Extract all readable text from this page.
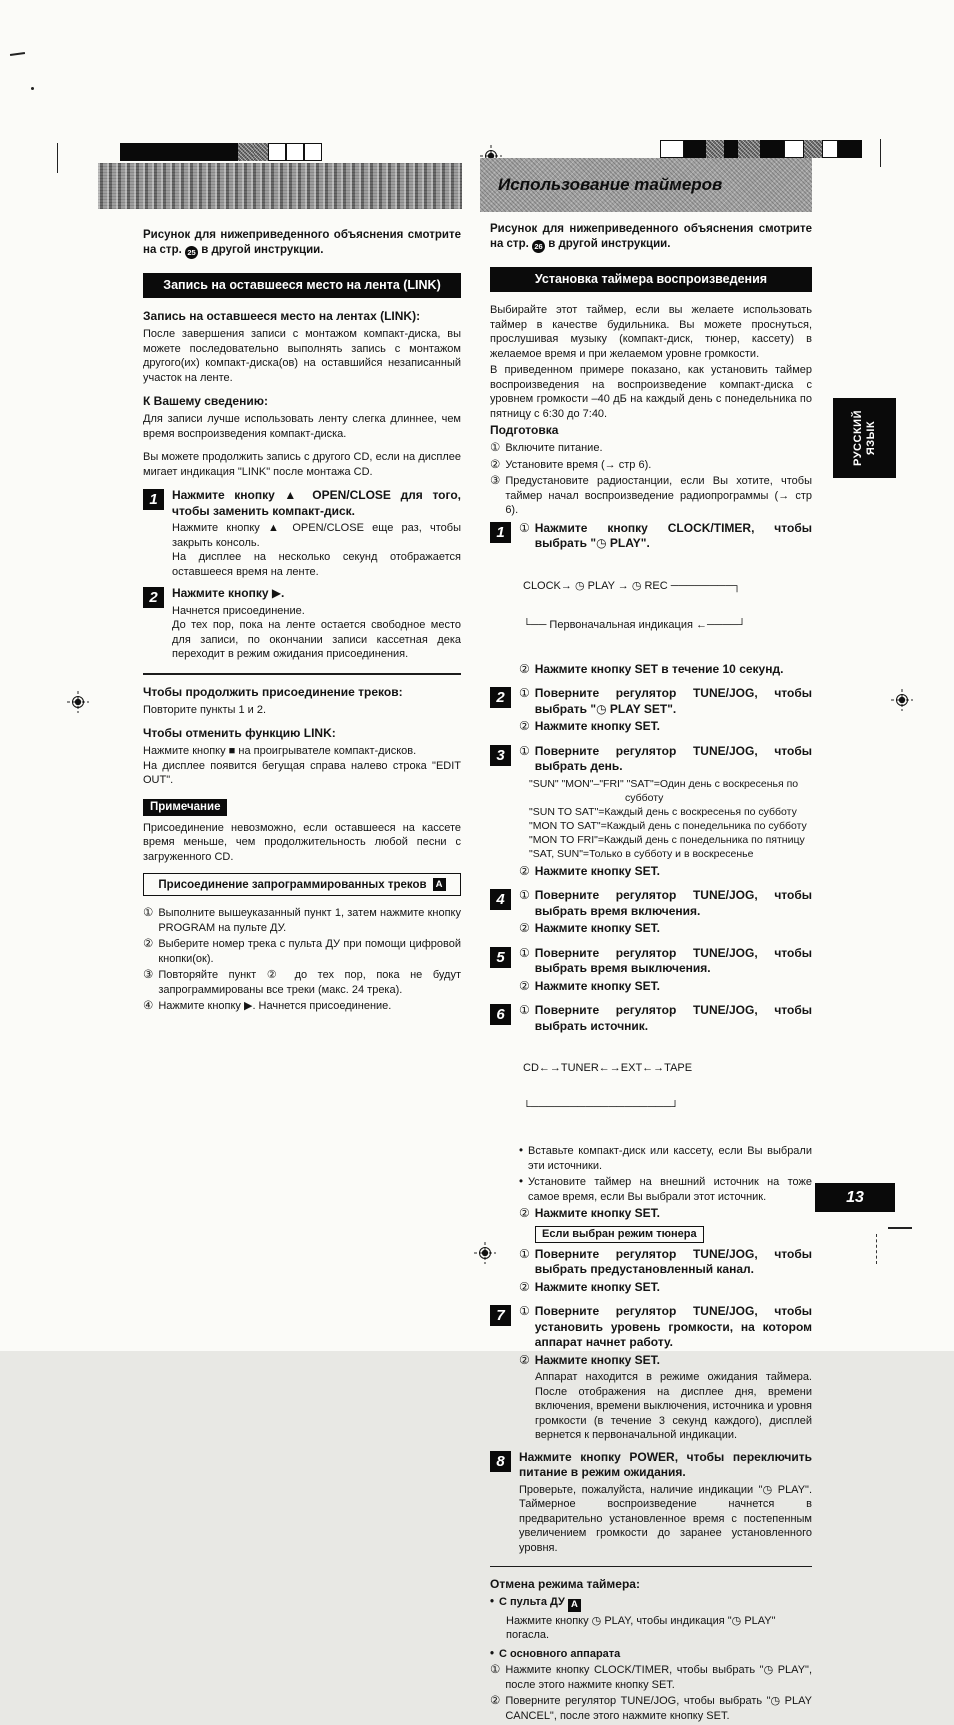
Использование таймеров

Рисунок для нижеприведенного объяснения смотрите на стр. 25 в другой инструкции.

Запись на оставшееся место на лента (LINK)

Запись на оставшееся место на лентах (LINK):

После завершения записи с монтажом компакт-диска, вы можете последовательно выполнять запись с монтажом другого(их) компакт-диска(ов) на оставшийся незаписанный участок на ленте.

К Вашему сведению:

Для записи лучше использовать ленту слегка длиннее, чем время воспроизведения компакт-диска.

Вы можете продолжить запись с другого CD, если на дисплее мигает индикация "LINK" после монтажа CD.

1	Нажмите кнопку ▲ OPEN/CLOSE для того, чтобы заменить компакт-диск.

Нажмите кнопку ▲ OPEN/CLOSE еще раз, чтобы закрыть консоль.

На дисплее на несколько секунд отображается оставшееся время на ленте.

2	Нажмите кнопку ▶.

Начнется присоединение.

До тех пор, пока на ленте остается свободное место для записи, по окончании записи кассетная дека переходит в режим ожидания присоединения.

Чтобы продолжить присоединение треков:

Повторите пункты 1 и 2.

Чтобы отменить функцию LINK:

Нажмите кнопку ■ на проигрывателе компакт-дисков.

На дисплее появится бегущая справа налево строка "EDIT OUT".

Примечание

Присоединение невозможно, если оставшееся на кассете время меньше, чем продолжительность любой песни с загруженного CD.

Присоединение запрограммированных треков A
① Выполните вышеуказанный пункт 1, затем нажмите кнопку PROGRAM на пульте ДУ.
② Выберите номер трека с пульта ДУ при помощи цифровой кнопки(ок).
③ Повторяйте пункт ② до тех пор, пока не будут запрограммированы все треки (макс. 24 трека).
④ Нажмите кнопку ▶. Начнется присоединение.

Рисунок для нижеприведенного объяснения смотрите на стр. 26 в другой инструкции.

Установка таймера воспроизведения

Выбирайте этот таймер, если вы желаете использовать таймер в качестве будильника. Вы можете проснуться, прослушивая музыку (компакт-диск, тюнер, кассету) в желаемое время и при желаемом уровне громкости.

В приведенном примере показано, как установить таймер воспроизведения на воспроизведение компакт-диска с уровнем громкости –40 дБ на каждый день с понедельника по пятницу с 6:30 до 7:40.

Подготовка

① Включите питание.
② Установите время (→ стр 6).
③ Предустановите радиостанции, если Вы хотите, чтобы таймер начал воспроизведение радиопрограммы (→ стр 6).
1	① Нажмите кнопку CLOCK/TIMER, чтобы выбрать "◷ PLAY".

CLOCK→ ◷ PLAY → ◷ REC ────────┐

└── Первоначальная индикация ←────┘

② Нажмите кнопку SET в течение 10 секунд.
2	① Поверните регулятор TUNE/JOG, чтобы выбрать "◷ PLAY SET".
② Нажмите кнопку SET.
3	① Поверните регулятор TUNE/JOG, чтобы выбрать день.

"SUN" "MON"–"FRI" "SAT"=Один день с воскресенья по субботу

"SUN TO SAT"=Каждый день с воскресенья по субботу

"MON TO SAT"=Каждый день с понедельника по субботу

"MON TO FRI"=Каждый день с понедельника по пятницу

"SAT, SUN"=Только в субботу и в воскресенье

② Нажмите кнопку SET.
4	① Поверните регулятор TUNE/JOG, чтобы выбрать время включения.
② Нажмите кнопку SET.
5	① Поверните регулятор TUNE/JOG, чтобы выбрать время выключения.
② Нажмите кнопку SET.
6	① Поверните регулятор TUNE/JOG, чтобы выбрать источник.

CD←→TUNER←→EXT←→TAPE

└──────────────────┘

• Вставьте компакт-диск или кассету, если Вы выбрали эти источники.
• Установите таймер на внешний источник на тоже самое время, если Вы выбрали этот источник.
② Нажмите кнопку SET.
Если выбран режим тюнера
① Поверните регулятор TUNE/JOG, чтобы выбрать предустановленный канал.
② Нажмите кнопку SET.
7	① Поверните регулятор TUNE/JOG, чтобы установить уровень громкости, на котором аппарат начнет работу.
② Нажмите кнопку SET.

Аппарат находится в режиме ожидания таймера. После отображения на дисплее дня, времени включения, времени выключения, источника и уровня громкости (в течение 3 секунд каждого), дисплей вернется к первоначальной индикации.

8	Нажмите кнопку POWER, чтобы переключить питание в режим ожидания.

Проверьте, пожалуйста, наличие индикации "◷ PLAY". Таймерное воспроизведение начнется в предварительно установленное время с постепенным увеличением громкости до заранее установленного уровня.

Отмена режима таймера:

• С пульта ДУ A

Нажмите кнопку ◷ PLAY, чтобы индикация "◷ PLAY" погасла.

• С основного аппарата
① Нажмите кнопку CLOCK/TIMER, чтобы выбрать "◷ PLAY", после этого нажмите кнопку SET.
② Поверните регулятор TUNE/JOG, чтобы выбрать "◷ PLAY CANCEL", после этого нажмите кнопку SET.
РУССКИЙ ЯЗЫК
13
